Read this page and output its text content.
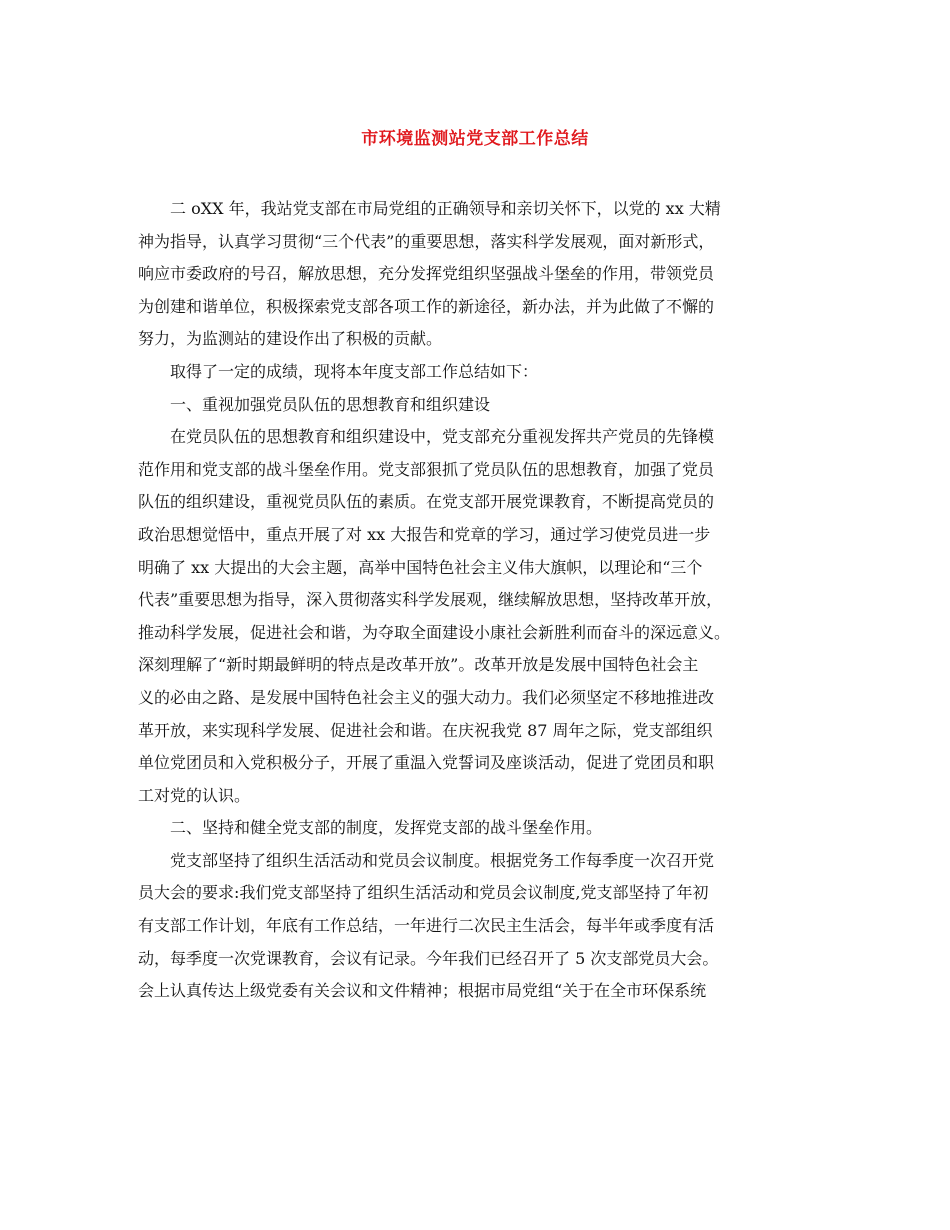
市环境监测站党支部工作总结
二 oXX 年，我站党支部在市局党组的正确领导和亲切关怀下，以党的 xx 大精
神为指导，认真学习贯彻“三个代表”的重要思想，落实科学发展观，面对新形式，
响应市委政府的号召，解放思想，充分发挥党组织坚强战斗堡垒的作用，带领党员
为创建和谐单位，积极探索党支部各项工作的新途径，新办法，并为此做了不懈的
努力，为监测站的建设作出了积极的贡献。
取得了一定的成绩，现将本年度支部工作总结如下：
一、重视加强党员队伍的思想教育和组织建设
在党员队伍的思想教育和组织建设中，党支部充分重视发挥共产党员的先锋模
范作用和党支部的战斗堡垒作用。党支部狠抓了党员队伍的思想教育，加强了党员
队伍的组织建设，重视党员队伍的素质。在党支部开展党课教育，不断提高党员的
政治思想觉悟中，重点开展了对 xx 大报告和党章的学习，通过学习使党员进一步
明确了 xx 大提出的大会主题，高举中国特色社会主义伟大旗帜，以理论和“三个
代表”重要思想为指导，深入贯彻落实科学发展观，继续解放思想，坚持改革开放，
推动科学发展，促进社会和谐，为夺取全面建设小康社会新胜利而奋斗的深远意义。
深刻理解了“新时期最鲜明的特点是改革开放”。改革开放是发展中国特色社会主
义的必由之路、是发展中国特色社会主义的强大动力。我们必须坚定不移地推进改
革开放，来实现科学发展、促进社会和谐。在庆祝我党 87 周年之际，党支部组织
单位党团员和入党积极分子，开展了重温入党誓词及座谈活动，促进了党团员和职
工对党的认识。
二、坚持和健全党支部的制度，发挥党支部的战斗堡垒作用。
党支部坚持了组织生活活动和党员会议制度。根据党务工作每季度一次召开党
员大会的要求:我们党支部坚持了组织生活活动和党员会议制度,党支部坚持了年初
有支部工作计划，年底有工作总结，一年进行二次民主生活会，每半年或季度有活
动，每季度一次党课教育，会议有记录。今年我们已经召开了 5 次支部党员大会。
会上认真传达上级党委有关会议和文件精神；根据市局党组“关于在全市环保系统
